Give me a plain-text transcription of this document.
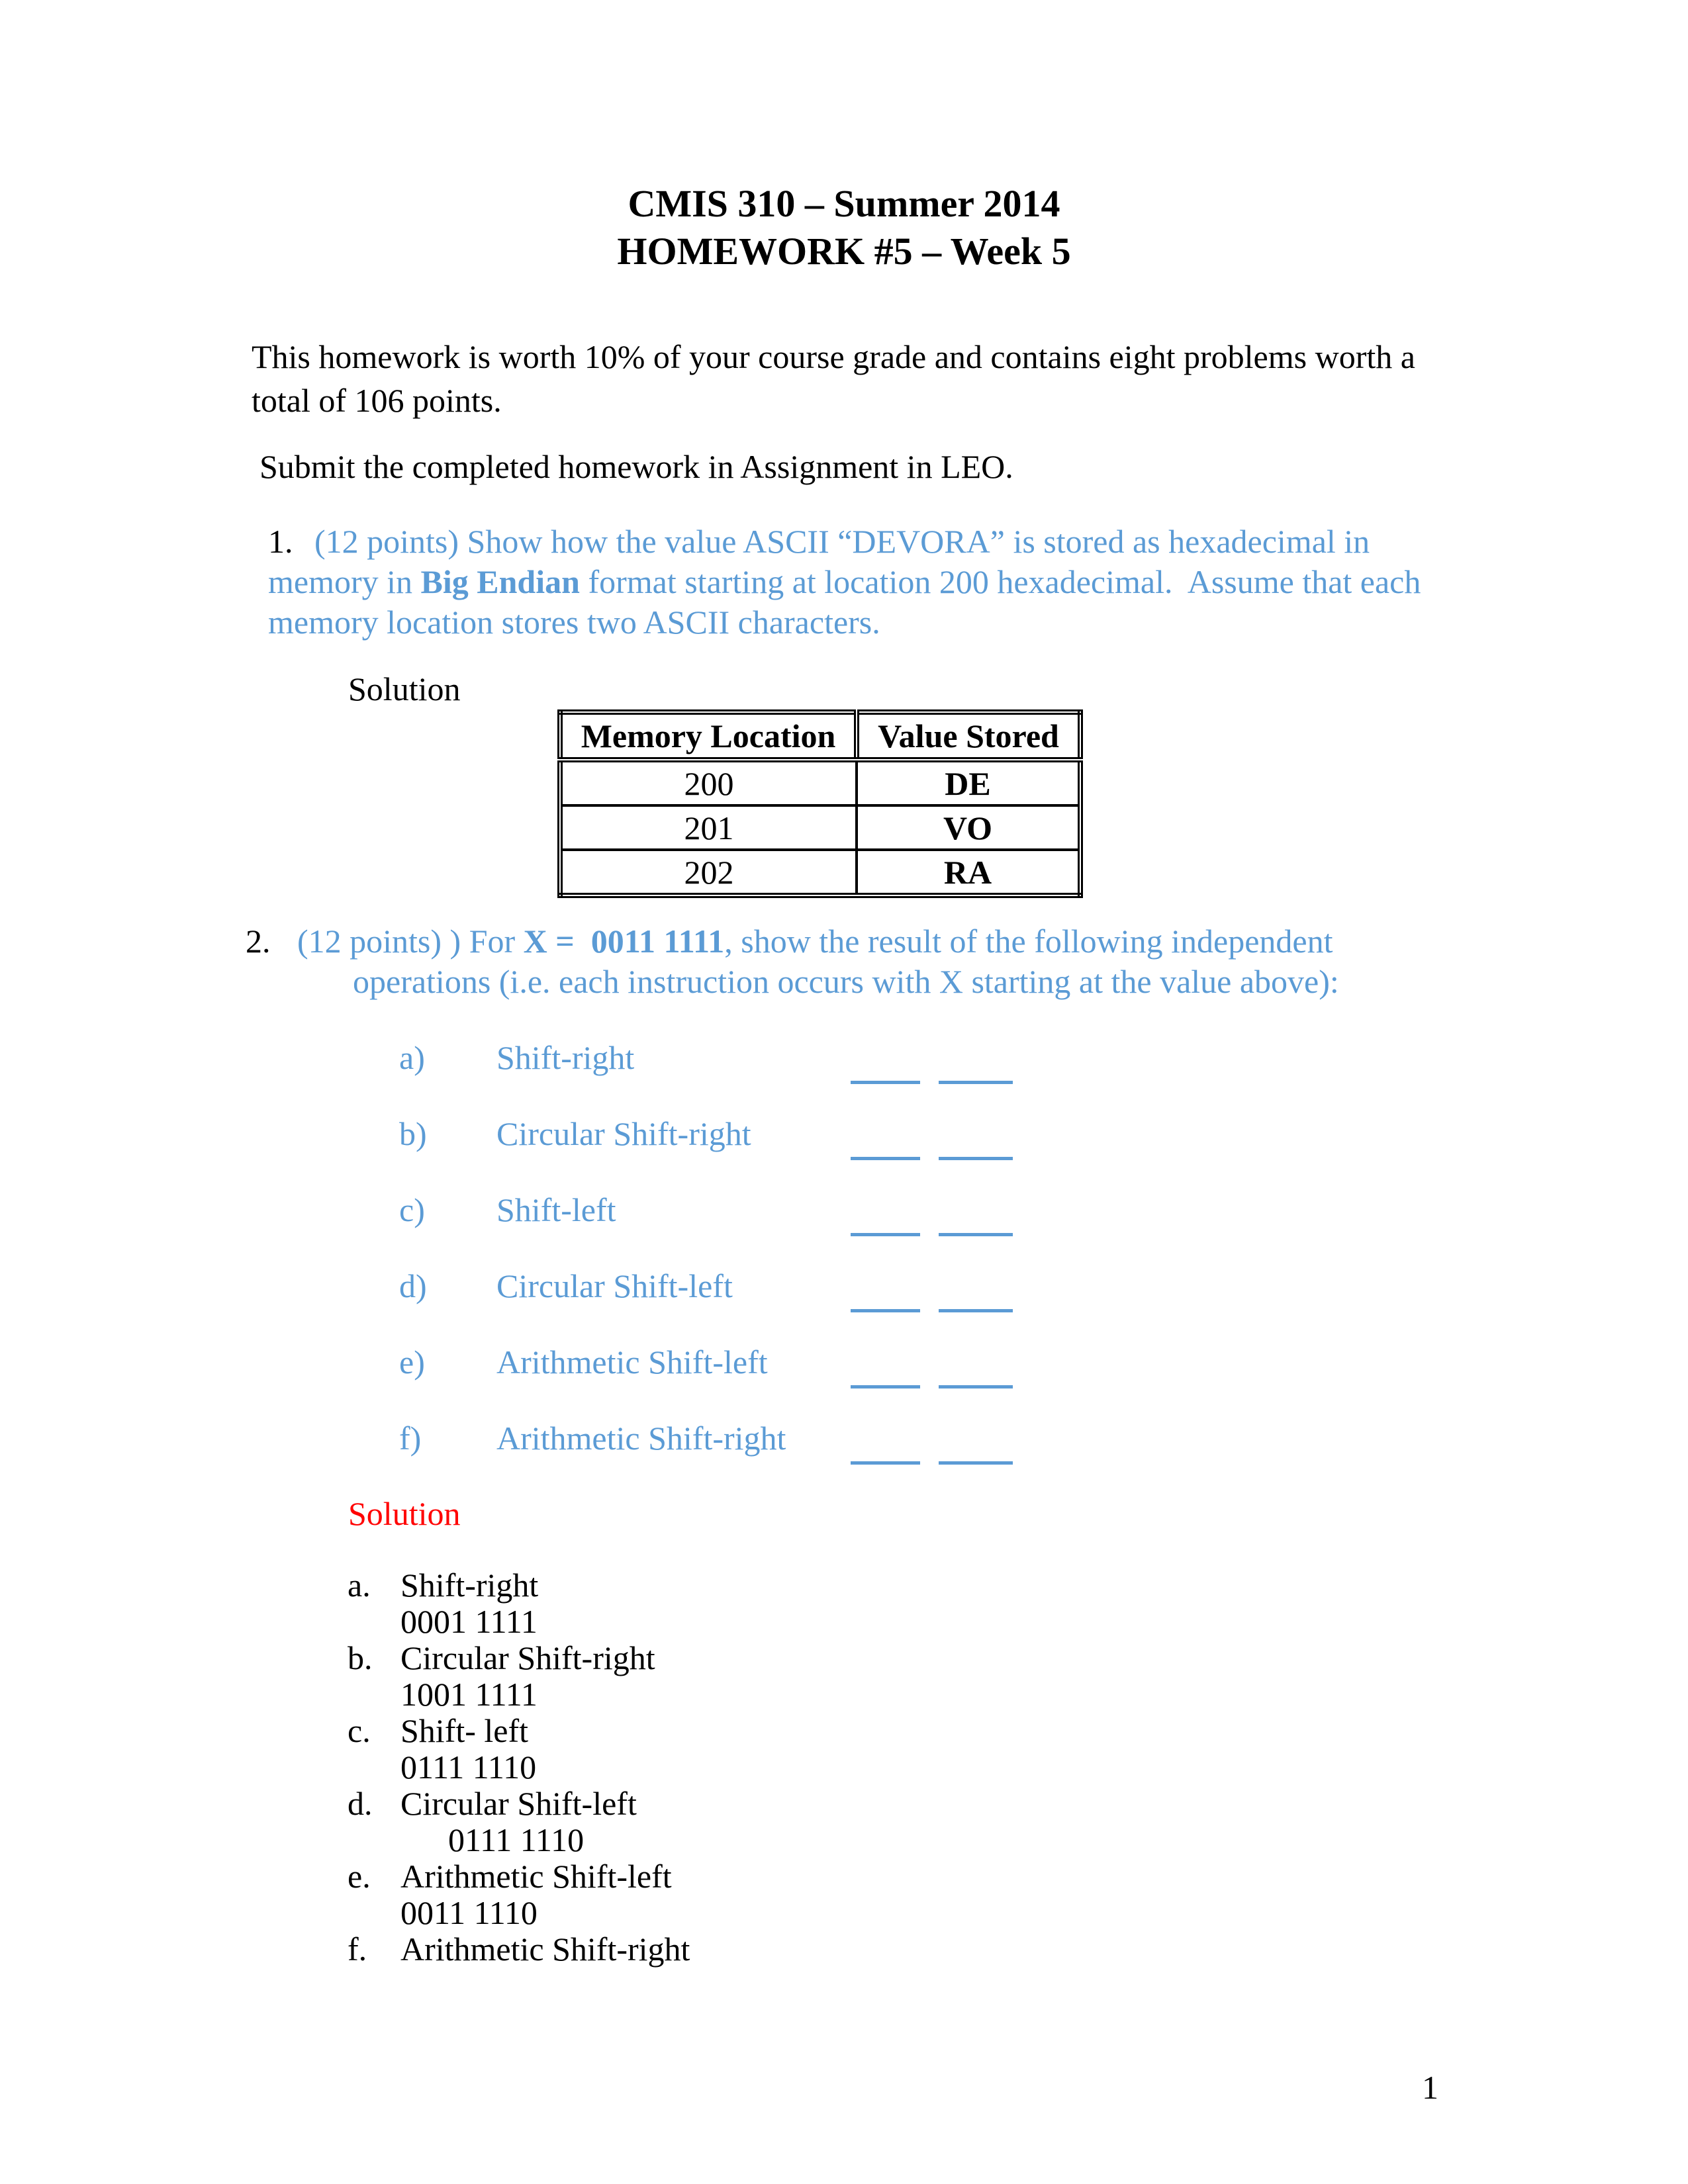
CMIS 310 – Summer 2014
HOMEWORK #5 – Week 5
This homework is worth 10% of your course grade and contains eight problems worth a
total of 106 points.
Submit the completed homework in Assignment in LEO.
1. (12 points) Show how the value ASCII “DEVORA” is stored as hexadecimal in
memory in Big Endian format starting at location 200 hexadecimal.  Assume that each
memory location stores two ASCII characters.
Solution
Memory Location	Value Stored
200	DE
201	VO
202	RA
2. (12 points) ) For X =  0011 1111, show the result of the following independent
operations (i.e. each instruction occurs with X starting at the value above):
a) Shift-right
b) Circular Shift-right
c) Shift-left
d) Circular Shift-left
e) Arithmetic Shift-left
f) Arithmetic Shift-right
Solution
a. Shift-right
0001 1111
b. Circular Shift-right
1001 1111
c. Shift- left
0111 1110
d. Circular Shift-left
0111 1110
e. Arithmetic Shift-left
0011 1110
f. Arithmetic Shift-right
1
